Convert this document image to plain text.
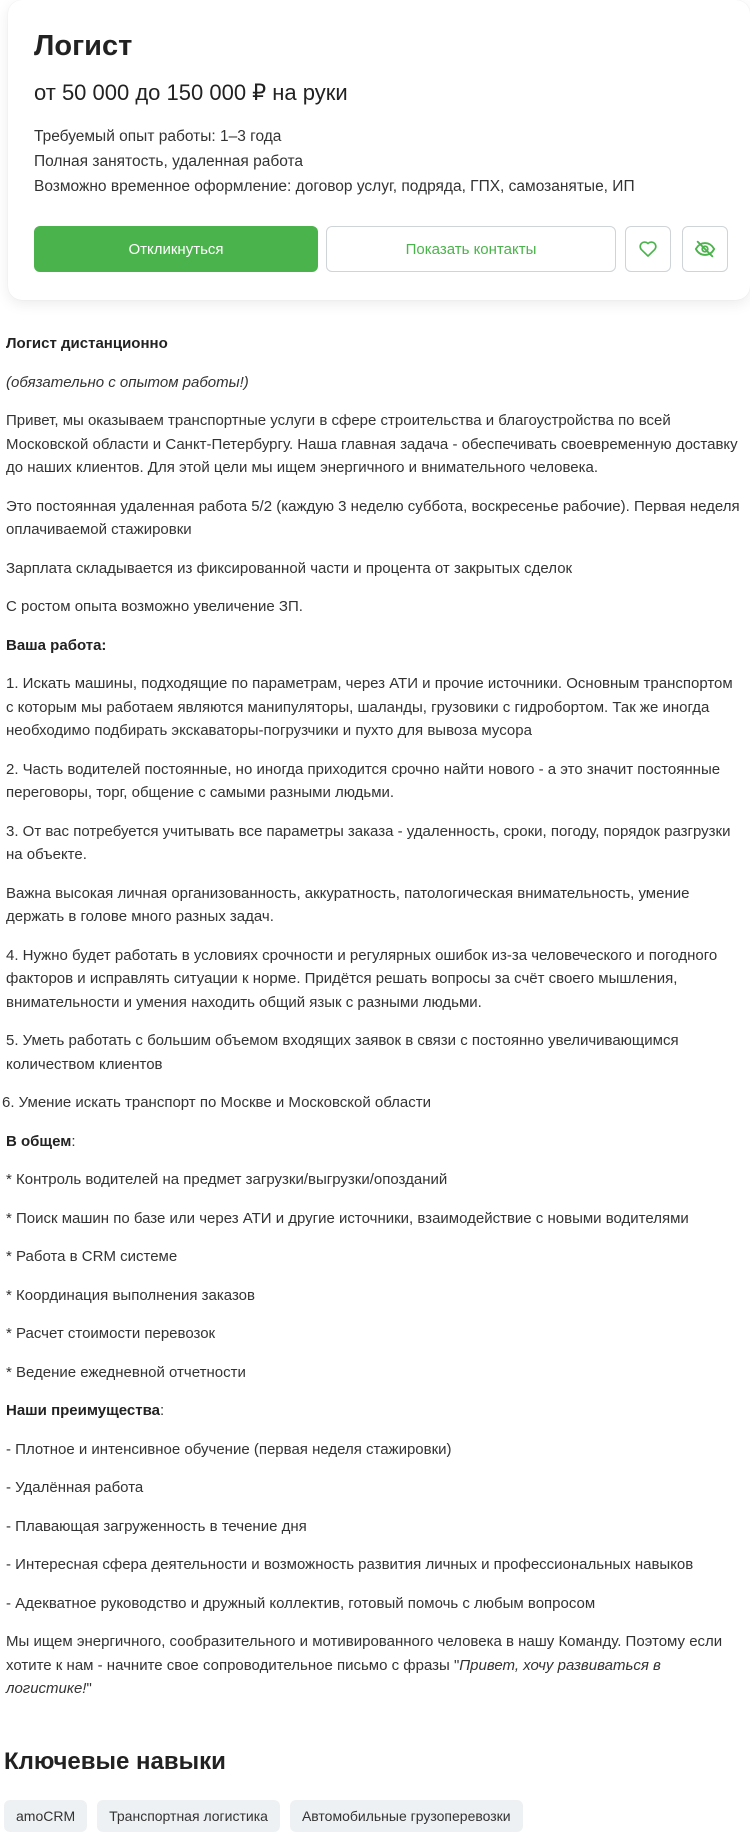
Логист
от 50 000 до 150 000 ₽ на руки
Требуемый опыт работы: 1–3 года
Полная занятость, удаленная работа
Возможно временное оформление: договор услуг, подряда, ГПХ, самозанятые, ИП
Откликнуться	Показать контакты

Логист дистанционно

(обязательно с опытом работы!)

Привет, мы оказываем транспортные услуги в сфере строительства и благоустройства по всей Московской области и Санкт-Петербургу. Наша главная задача - обеспечивать своевременную доставку до наших клиентов. Для этой цели мы ищем энергичного и внимательного человека.

Это постоянная удаленная работа 5/2 (каждую 3 неделю суббота, воскресенье рабочие). Первая неделя оплачиваемой стажировки

Зарплата складывается из фиксированной части и процента от закрытых сделок

С ростом опыта возможно увеличение ЗП.

Ваша работа:

1. Искать машины, подходящие по параметрам, через АТИ и прочие источники. Основным транспортом с которым мы работаем являются манипуляторы, шаланды, грузовики с гидробортом. Так же иногда необходимо подбирать экскаваторы-погрузчики и пухто для вывоза мусора

2. Часть водителей постоянные, но иногда приходится срочно найти нового - а это значит постоянные переговоры, торг, общение с самыми разными людьми.

3. От вас потребуется учитывать все параметры заказа - удаленность, сроки, погоду, порядок разгрузки на объекте.

Важна высокая личная организованность, аккуратность, патологическая внимательность, умение держать в голове много разных задач.

4. Нужно будет работать в условиях срочности и регулярных ошибок из-за человеческого и погодного факторов и исправлять ситуации к норме. Придётся решать вопросы за счёт своего мышления, внимательности и умения находить общий язык с разными людьми.

5. Уметь работать с большим объемом входящих заявок в связи с постоянно увеличивающимся количеством клиентов

6. Умение искать транспорт по Москве и Московской области

В общем:

* Контроль водителей на предмет загрузки/выгрузки/опозданий

* Поиск машин по базе или через АТИ и другие источники, взаимодействие с новыми водителями

* Работа в CRM системе

* Координация выполнения заказов

* Расчет стоимости перевозок

* Ведение ежедневной отчетности

Наши преимущества:

- Плотное и интенсивное обучение (первая неделя стажировки)

- Удалённая работа

- Плавающая загруженность в течение дня

- Интересная сфера деятельности и возможность развития личных и профессиональных навыков

- Адекватное руководство и дружный коллектив, готовый помочь с любым вопросом

Мы ищем энергичного, сообразительного и мотивированного человека в нашу Команду. Поэтому если хотите к нам - начните свое сопроводительное письмо с фразы "Привет, хочу развиваться в логистике!"

Ключевые навыки
amoCRM	Транспортная логистика	Автомобильные грузоперевозки
